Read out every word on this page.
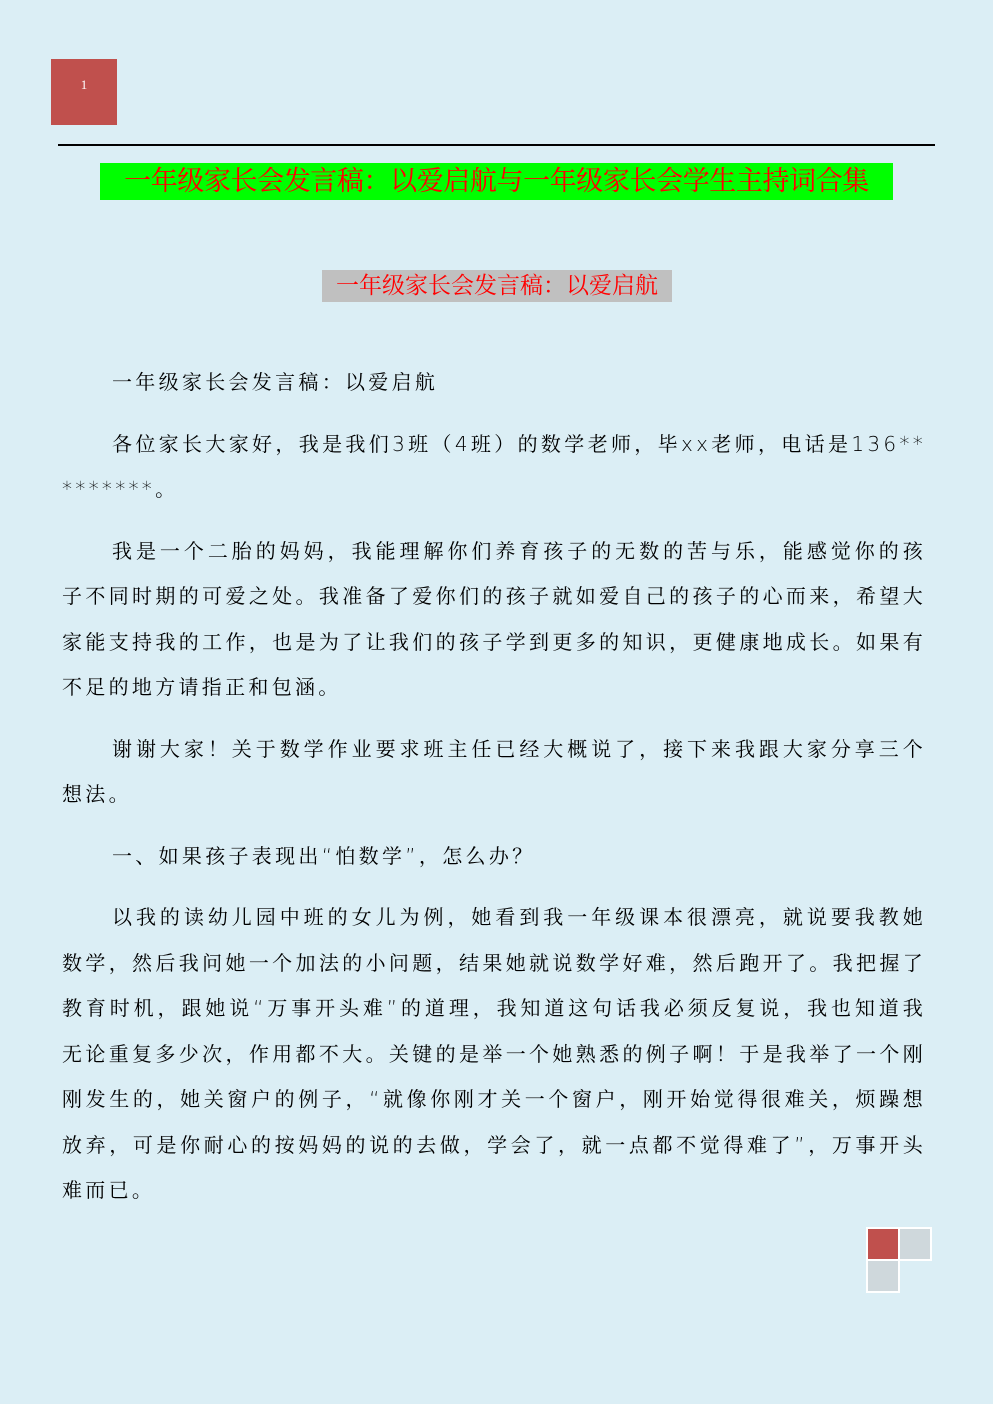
1
一年级家长会发言稿：以爱启航与一年级家长会学生主持词合集
一年级家长会发言稿：以爱启航

一年级家长会发言稿：以爱启航

各位家长大家好，我是我们3班（4班）的数学老师，毕xx老师，电话是136*********。

我是一个二胎的妈妈，我能理解你们养育孩子的无数的苦与乐，能感觉你的孩子不同时期的可爱之处。我准备了爱你们的孩子就如爱自己的孩子的心而来，希望大家能支持我的工作，也是为了让我们的孩子学到更多的知识，更健康地成长。如果有不足的地方请指正和包涵。

谢谢大家！关于数学作业要求班主任已经大概说了，接下来我跟大家分享三个想法。

一、如果孩子表现出“怕数学”，怎么办？

以我的读幼儿园中班的女儿为例，她看到我一年级课本很漂亮，就说要我教她数学，然后我问她一个加法的小问题，结果她就说数学好难，然后跑开了。我把握了教育时机，跟她说“万事开头难”的道理，我知道这句话我必须反复说，我也知道我无论重复多少次，作用都不大。关键的是举一个她熟悉的例子啊！于是我举了一个刚刚发生的，她关窗户的例子，“就像你刚才关一个窗户，刚开始觉得很难关，烦躁想放弃，可是你耐心的按妈妈的说的去做，学会了，就一点都不觉得难了”，万事开头难而已。
